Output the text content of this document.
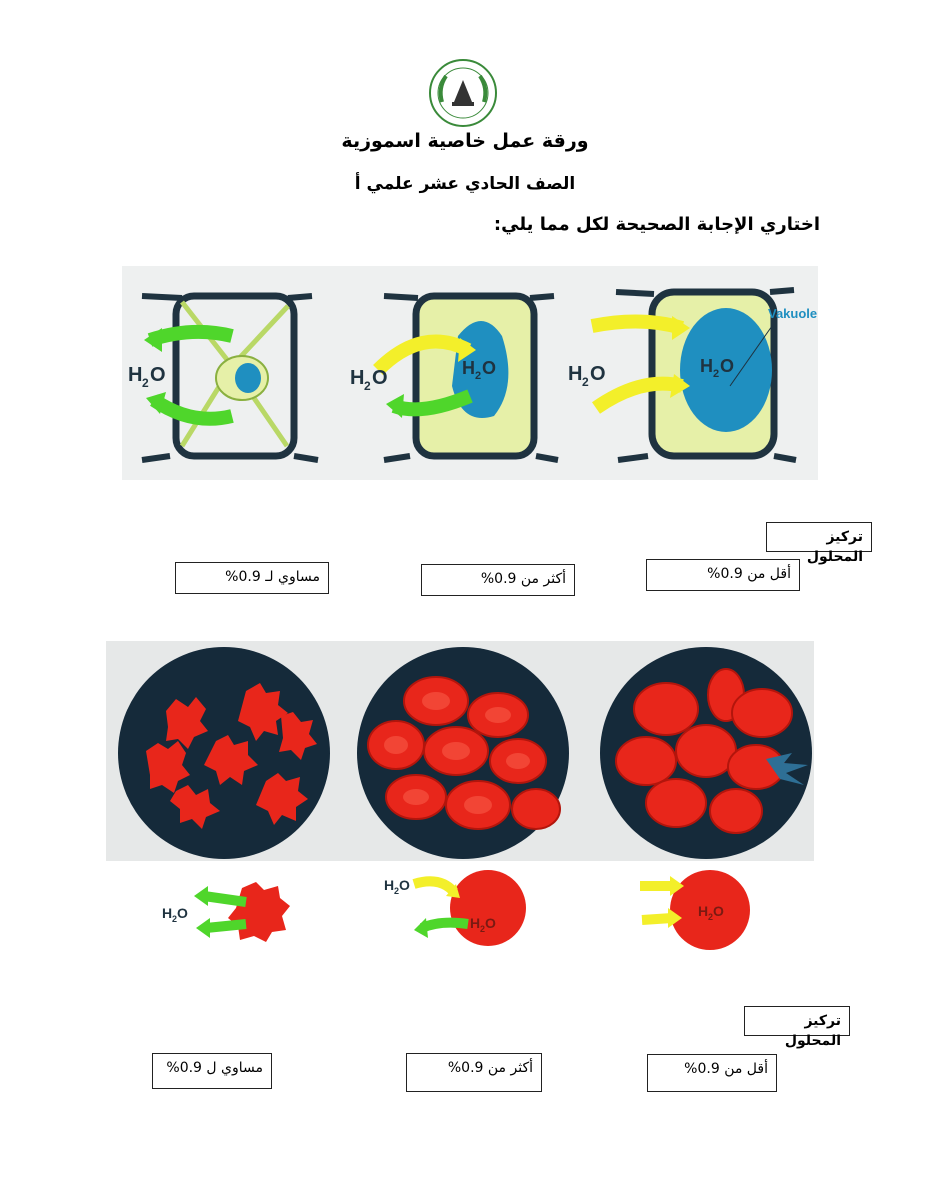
ورقة عمل خاصية اسموزية
الصف الحادي عشر علمي أ
اختاري الإجابة الصحيحة لكل مما يلي:
H 2 O	H 2 O	H 2 O	H 2 O	H 2 O
Vakuole
تركيز المحلول
أقل من 0.9%
أكثر من 0.9%
مساوي لـ 0.9%
H 2 O
H 2 O
H 2 O
H 2 O
تركيز المحلول
أقل من 0.9%
أكثر من 0.9%
مساوي ل 0.9%
